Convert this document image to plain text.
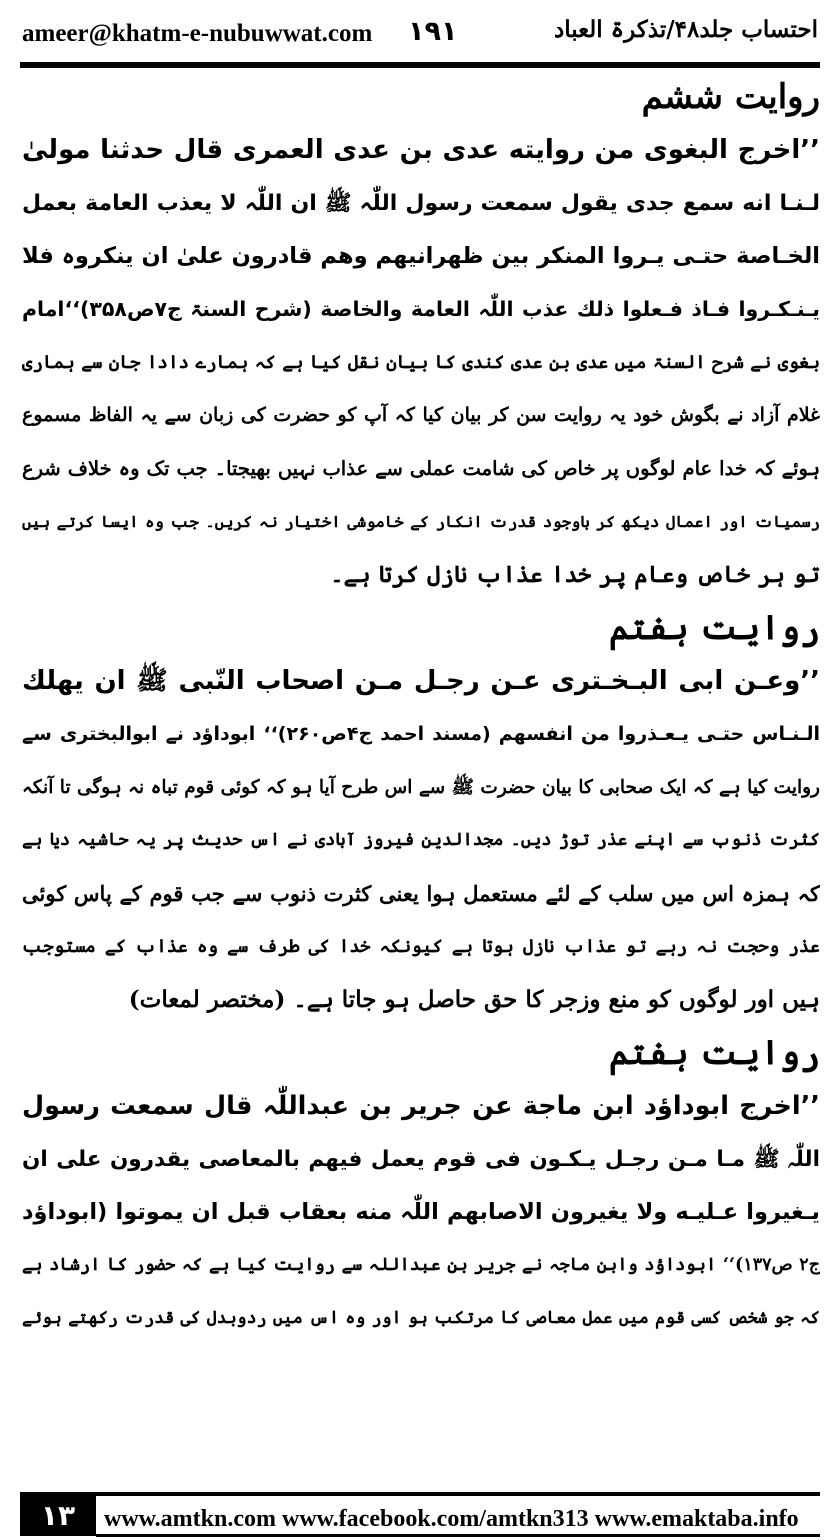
ameer@khatm-e-nubuwwat.com ۱۹۱	احتساب جلد۴۸/تذکرۃ العباد
روایت ششم
’’اخرج البغوی من روایته عدی بن عدی العمری قال حدثنا مولیٰ
لـنـا انه سمع جدی یقول سمعت رسول اللّٰہ ﷺ ان اللّٰہ لا یعذب العامة بعمل
الخـاصة حتـی یـروا المنکر بین ظھرانیھم وھم قادرون علیٰ ان ینکروہ فلا
یـنـکـروا فـاذ فـعلوا ذلك عذب اللّٰہ العامة والخاصة (شرح السنۃ ج۷ص۳۵۸)‘‘امام
بغوی نے شرح السنۃ میں عدی بن عدی کندی کا بیان نقل کیا ہے کہ ہمارے دادا جان سے ہماری
غلام آزاد نے بگوش خود یہ روایت سن کر بیان کیا کہ آپ کو حضرت کی زبان سے یہ الفاظ مسموع
ہوئے کہ خدا عام لوگوں پر خاص کی شامت عملی سے عذاب نہیں بھیجتا۔ جب تک وہ خلاف شرع
رسمیات اور اعمال دیکھ کر باوجود قدرت انکار کے خاموشی اختیار نہ کریں۔ جب وہ ایسا کرتے ہیں
تو ہر خاص وعام پر خدا عذاب نازل کرتا ہے۔
روایت ہفتم
’’وعـن ابی البـخـتری عـن رجـل مـن اصحاب النّبی ﷺ ان یھلك
الـنـاس حتـی یـعـذروا من انفسھم (مسند احمد ج۴ص۲۶۰)‘‘ ابوداؤد نے ابوالبختری سے
روایت کیا ہے کہ ایک صحابی کا بیان حضرت ﷺ سے اس طرح آیا ہو کہ کوئی قوم تباہ نہ ہوگی تا آنکہ
کثرت ذنوب سے اپنے عذر توڑ دیں۔ مجدالدین فیروز آبادی نے اس حدیث پر یہ حاشیہ دیا ہے
کہ ہمزہ اس میں سلب کے لئے مستعمل ہوا یعنی کثرت ذنوب سے جب قوم کے پاس کوئی
عذر وحجت نہ رہے تو عذاب نازل ہوتا ہے کیونکہ خدا کی طرف سے وہ عذاب کے مستوجب
ہیں اور لوگوں کو منع وزجر کا حق حاصل ہو جاتا ہے۔ (مختصر لمعات)
روایت ہفتم
’’اخرج ابوداؤد ابن ماجة عن جریر بن عبداللّٰہ قال سمعت رسول
اللّٰہ ﷺ مـا مـن رجـل یـکـون فی قوم یعمل فیھم بالمعاصی یقدرون علی ان
یـغیروا عـلیـه ولا یغیرون الاصابھم اللّٰہ منه بعقاب قبل ان یموتوا (ابوداؤد
ج۲ ص۱۳۷)‘‘ ابوداؤد وابن ماجہ نے جریر بن عبداللہ سے روایت کیا ہے کہ حضور کا ارشاد ہے
کہ جو شخص کسی قوم میں عمل معاصی کا مرتکب ہو اور وہ اس میں ردوبدل کی قدرت رکھتے ہوئے
۱۳	www.amtkn.com www.facebook.com/amtkn313 www.emaktaba.info
